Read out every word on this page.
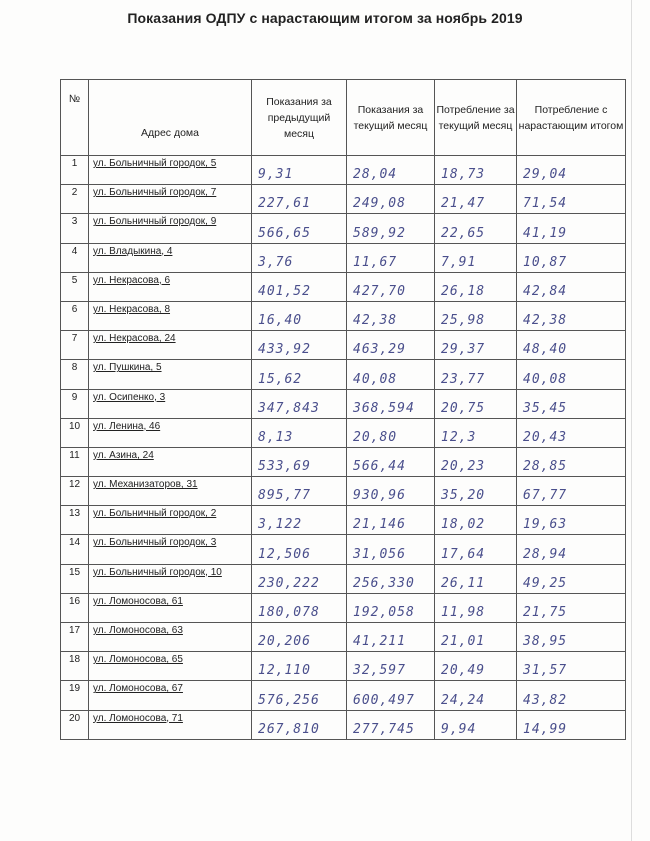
Показания ОДПУ с нарастающим итогом за ноябрь 2019
№	Адрес дома	Показания за предыдущий месяц	Показания за текущий месяц	Потребление за текущий месяц	Потребление с нарастающим итогом
1	ул. Больничный городок, 5	9,31	28,04	18,73	29,04
2	ул. Больничный городок, 7	227,61	249,08	21,47	71,54
3	ул. Больничный городок, 9	566,65	589,92	22,65	41,19
4	ул. Владыкина, 4	3,76	11,67	7,91	10,87
5	ул. Некрасова, 6	401,52	427,70	26,18	42,84
6	ул. Некрасова, 8	16,40	42,38	25,98	42,38
7	ул. Некрасова, 24	433,92	463,29	29,37	48,40
8	ул. Пушкина, 5	15,62	40,08	23,77	40,08
9	ул. Осипенко, 3	347,843	368,594	20,75	35,45
10	ул. Ленина, 46	8,13	20,80	12,3	20,43
11	ул. Азина, 24	533,69	566,44	20,23	28,85
12	ул. Механизаторов, 31	895,77	930,96	35,20	67,77
13	ул. Больничный городок, 2	3,122	21,146	18,02	19,63
14	ул. Больничный городок, 3	12,506	31,056	17,64	28,94
15	ул. Больничный городок, 10	230,222	256,330	26,11	49,25
16	ул. Ломоносова, 61	180,078	192,058	11,98	21,75
17	ул. Ломоносова, 63	20,206	41,211	21,01	38,95
18	ул. Ломоносова, 65	12,110	32,597	20,49	31,57
19	ул. Ломоносова, 67	576,256	600,497	24,24	43,82
20	ул. Ломоносова, 71	267,810	277,745	9,94	14,99
